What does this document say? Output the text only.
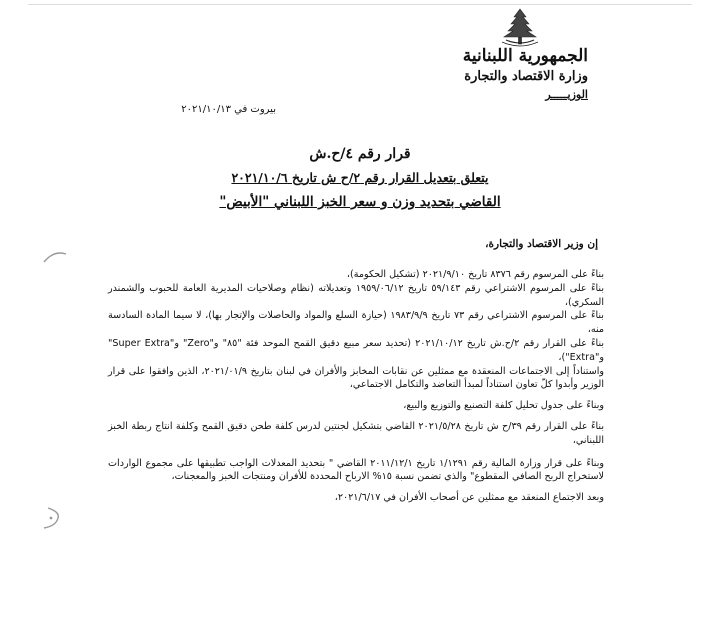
الجمهورية اللبنانية
وزارة الاقتصاد والتجارة
الوزيـــــر
بيروت في ٢٠٢١/١٠/١٣
قرار رقم ٤/ح.ش
يتعلق بتعديل القرار رقم ٢/ح ش تاريخ ٢٠٢١/١٠/٦
القاضي بتحديد وزن و سعر الخبز اللبناني "الأبيض"
إن وزير الاقتصاد والتجارة،

بناءً على المرسوم رقم ٨٣٧٦ تاريخ ٢٠٢١/٩/١٠ (تشكيل الحكومة)،

بناءً على المرسوم الاشتراعي رقم ٥٩/١٤٣ تاريخ ١٩٥٩/٠٦/١٢ وتعديلاته (نظام وصلاحيات المديرية العامة للحبوب والشمندر السكري)،

بناءً على المرسوم الاشتراعي رقم ٧٣ تاريخ ١٩٨٣/٩/٩ (حيازة السلع والمواد والحاصلات والإتجار بها)، لا سيما المادة السادسة منه،

بناءً على القرار رقم ٢/ح.ش تاريخ ٢٠٢١/١٠/١٢ (تحديد سعر مبيع دقيق القمح الموحد فئة "٨٥" و"Zero" و"Super Extra" و"Extra")،

واستناداً إلى الاجتماعات المنعقدة مع ممثلين عن نقابات المخابز والأفران في لبنان بتاريخ ٢٠٢١/٠١/٩، الذين وافقوا على قرار الوزير وأبدوا كلّ تعاون استناداً لمبدأ التعاضد والتكامل الاجتماعي،

وبناءً على جدول تحليل كلفة التصنيع والتوزيع والبيع،

بناءً على القرار رقم ٣٩/ح ش تاريخ ٢٠٢١/٥/٢٨ القاضي بتشكيل لجنتين لدرس كلفة طحن دقيق القمح وكلفة انتاج ربطة الخبز اللبناني،

وبناءً على قرار وزارة المالية رقم ١/١٢٩١ تاريخ ٢٠١١/١٢/١ القاضي " بتحديد المعدلات الواجب تطبيقها على مجموع الواردات لاستخراج الربح الصافي المقطوع" والذي تضمن نسبة ١٥% الارباح المحددة للأفران ومنتجات الخبز والمعجنات،

وبعد الاجتماع المنعقد مع ممثلين عن أصحاب الأفران في ٢٠٢١/٦/١٧،
